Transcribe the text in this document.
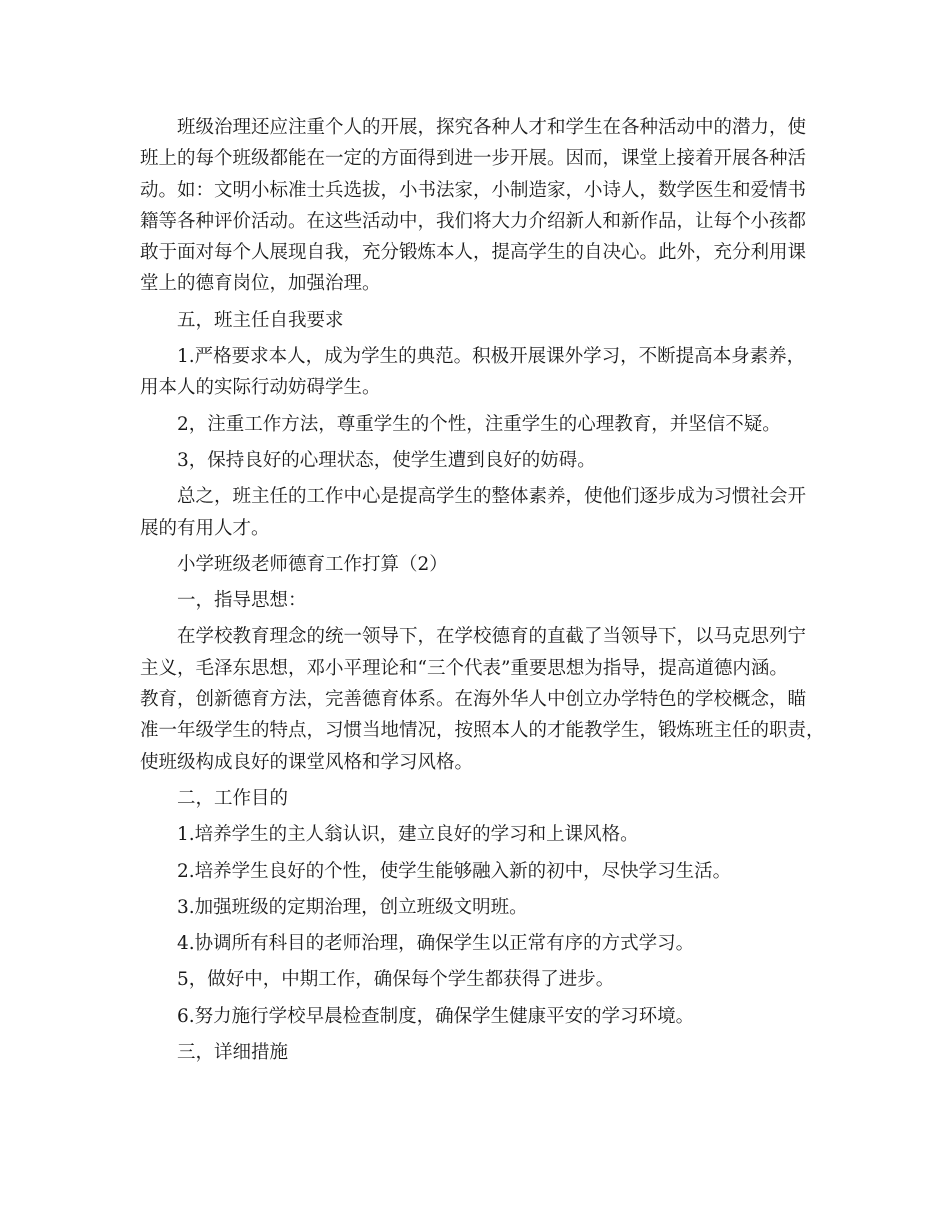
班级治理还应注重个人的开展，探究各种人才和学生在各种活动中的潜力，使
班上的每个班级都能在一定的方面得到进一步开展。因而，课堂上接着开展各种活
动。如：文明小标准士兵选拔，小书法家，小制造家，小诗人，数学医生和爱情书
籍等各种评价活动。在这些活动中，我们将大力介绍新人和新作品，让每个小孩都
敢于面对每个人展现自我，充分锻炼本人，提高学生的自决心。此外，充分利用课
堂上的德育岗位，加强治理。

五，班主任自我要求

1.严格要求本人，成为学生的典范。积极开展课外学习，不断提高本身素养，
用本人的实际行动妨碍学生。

2，注重工作方法，尊重学生的个性，注重学生的心理教育，并坚信不疑。

3，保持良好的心理状态，使学生遭到良好的妨碍。

总之，班主任的工作中心是提高学生的整体素养，使他们逐步成为习惯社会开
展的有用人才。

小学班级老师德育工作打算（2）

一，指导思想：

在学校教育理念的统一领导下，在学校德育的直截了当领导下，以马克思列宁
主义，毛泽东思想，邓小平理论和“三个代表”重要思想为指导，提高道德内涵。
教育，创新德育方法，完善德育体系。在海外华人中创立办学特色的学校概念，瞄
准一年级学生的特点，习惯当地情况，按照本人的才能教学生，锻炼班主任的职责，
使班级构成良好的课堂风格和学习风格。

二，工作目的

1.培养学生的主人翁认识，建立良好的学习和上课风格。

2.培养学生良好的个性，使学生能够融入新的初中，尽快学习生活。

3.加强班级的定期治理，创立班级文明班。

4.协调所有科目的老师治理，确保学生以正常有序的方式学习。

5，做好中，中期工作，确保每个学生都获得了进步。

6.努力施行学校早晨检查制度，确保学生健康平安的学习环境。

三，详细措施
